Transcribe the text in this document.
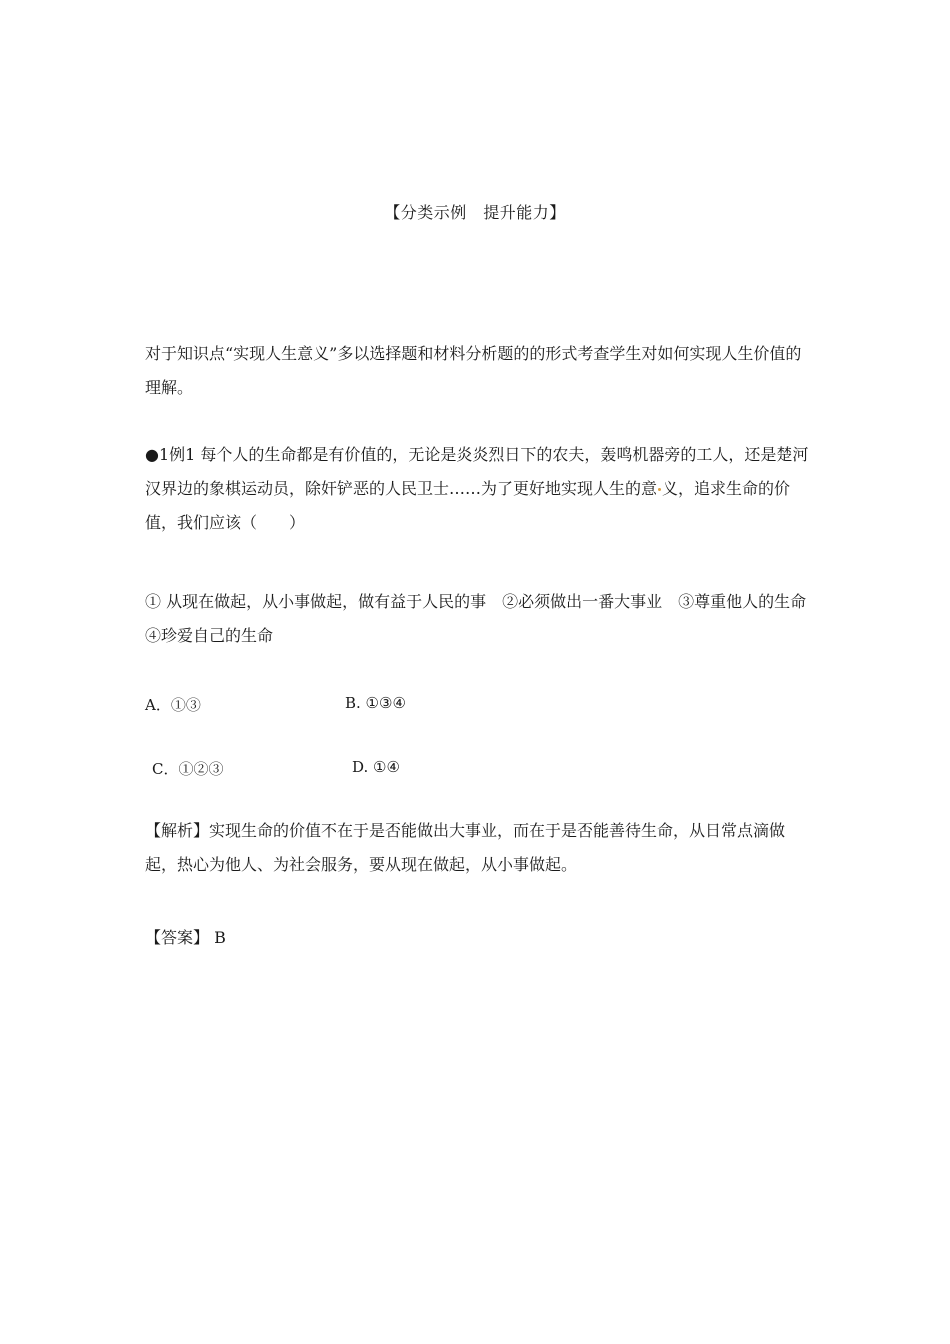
【分类示例　提升能力】
对于知识点“实现人生意义”多以选择题和材料分析题的的形式考查学生对如何实现人生价值的理解。
●1例1 每个人的生命都是有价值的，无论是炎炎烈日下的农夫，轰鸣机器旁的工人，还是楚河汉界边的象棋运动员，除奸铲恶的人民卫士……为了更好地实现人生的意 义，追求生命的价值，我们应该（　　）
① 从现在做起，从小事做起，做有益于人民的事　②必须做出一番大事业　③尊重他人的生命　④珍爱自己的生命
A．①③	B. ①③④
C．①②③	D. ①④
【解析】实现生命的价值不在于是否能做出大事业，而在于是否能善待生命，从日常点滴做起，热心为他人、为社会服务，要从现在做起，从小事做起。
【答案】 B
